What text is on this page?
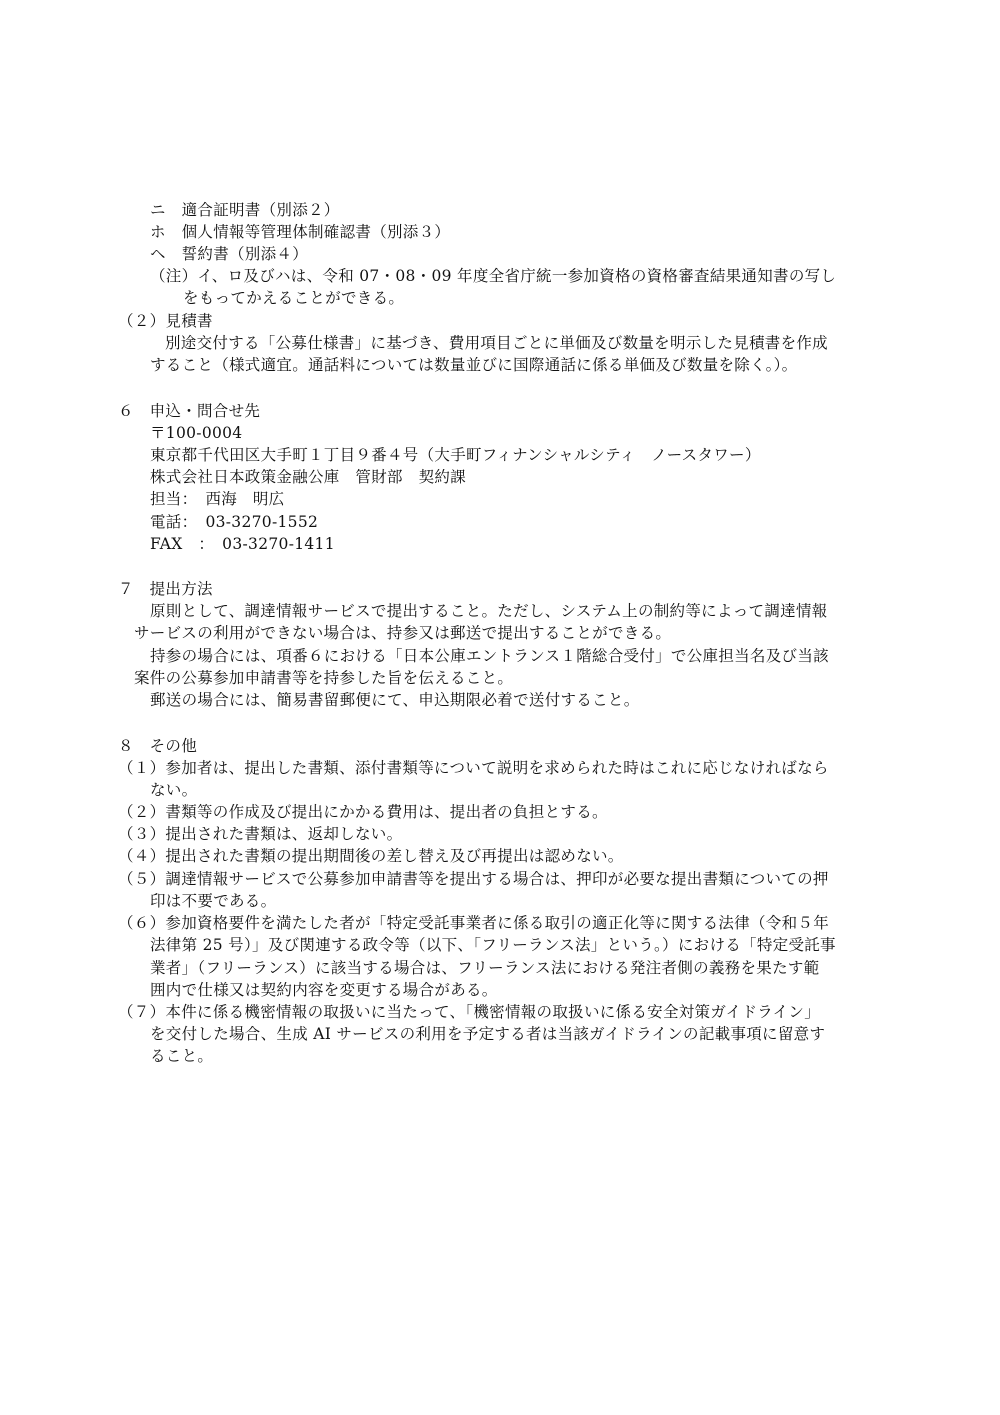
ニ　適合証明書（別添２）
ホ　個人情報等管理体制確認書（別添３）
ヘ　誓約書（別添４）
（注）イ、ロ及びハは、令和 07・08・09 年度全省庁統一参加資格の資格審査結果通知書の写し
をもってかえることができる。
（２）見積書
別途交付する「公募仕様書」に基づき、費用項目ごとに単価及び数量を明示した見積書を作成
すること（様式適宜。通話料については数量並びに国際通話に係る単価及び数量を除く。）。
６　申込・問合せ先
〒100-0004
東京都千代田区大手町１丁目９番４号（大手町フィナンシャルシティ　ノースタワー）
株式会社日本政策金融公庫　管財部　契約課
担当：　西海　明広
電話：　03-3270-1552
FAX　：　03-3270-1411
７　提出方法
原則として、調達情報サービスで提出すること。ただし、システム上の制約等によって調達情報
サービスの利用ができない場合は、持参又は郵送で提出することができる。
持参の場合には、項番６における「日本公庫エントランス１階総合受付」で公庫担当名及び当該
案件の公募参加申請書等を持参した旨を伝えること。
郵送の場合には、簡易書留郵便にて、申込期限必着で送付すること。
８　その他
（１）参加者は、提出した書類、添付書類等について説明を求められた時はこれに応じなければなら
ない。
（２）書類等の作成及び提出にかかる費用は、提出者の負担とする。
（３）提出された書類は、返却しない。
（４）提出された書類の提出期間後の差し替え及び再提出は認めない。
（５）調達情報サービスで公募参加申請書等を提出する場合は、押印が必要な提出書類についての押
印は不要である。
（６）参加資格要件を満たした者が「特定受託事業者に係る取引の適正化等に関する法律（令和５年
法律第 25 号）」及び関連する政令等（以下、「フリーランス法」という。）における「特定受託事
業者」（フリーランス）に該当する場合は、フリーランス法における発注者側の義務を果たす範
囲内で仕様又は契約内容を変更する場合がある。
（７）本件に係る機密情報の取扱いに当たって、「機密情報の取扱いに係る安全対策ガイドライン」
を交付した場合、生成 AI サービスの利用を予定する者は当該ガイドラインの記載事項に留意す
ること。
